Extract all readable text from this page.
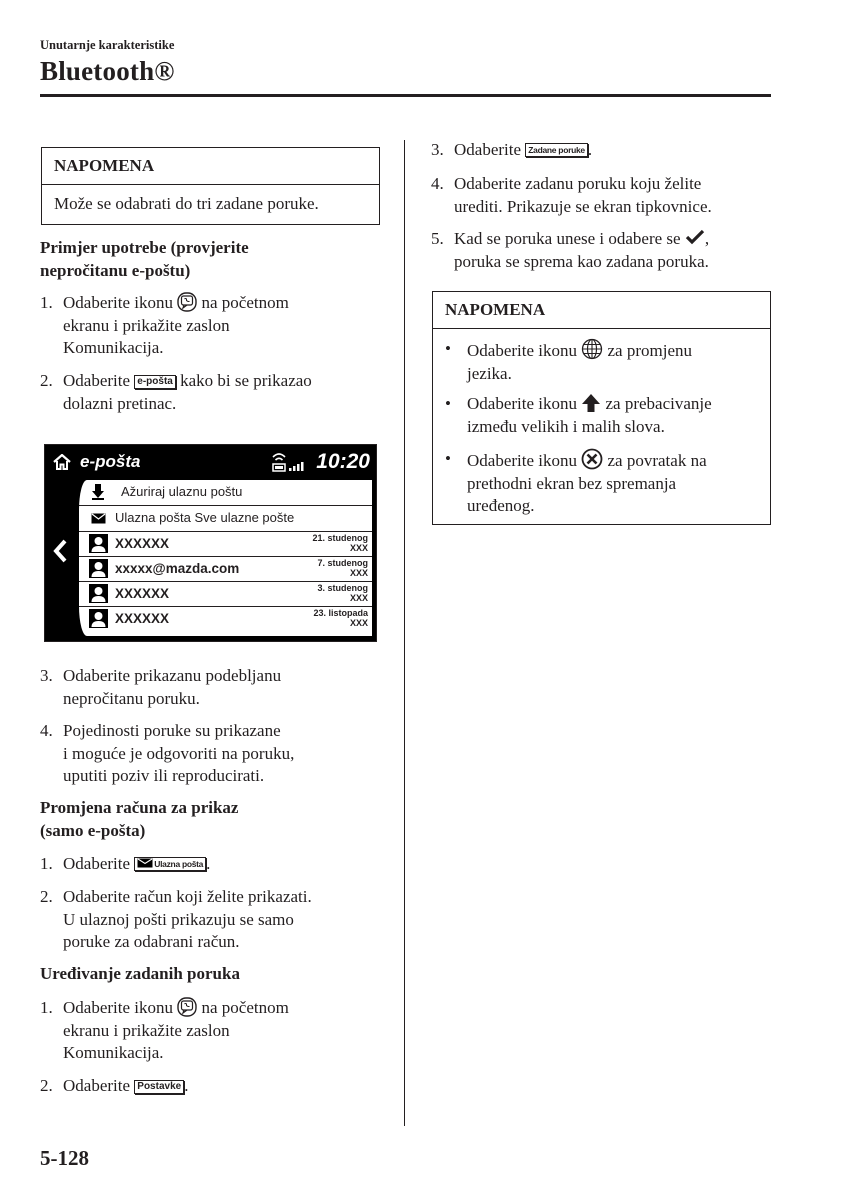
Unutarnje karakteristike
Bluetooth®
NAPOMENA
Može se odabrati do tri zadane poruke.
Primjer upotrebe (provjerite
nepročitanu e-poštu)
1. Odaberite ikonu na početnom
ekranu i prikažite zaslon
Komunikacija.
2. Odaberite e-pošta kako bi se prikazao
dolazni pretinac.
e-pošta	10:20
Ažuriraj ulaznu poštu
Ulazna pošta Sve ulazne pošte
XXXXXX	21. studenog
XXX
xxxxx@mazda.com	7. studenog
XXX
XXXXXX	3. studenog
XXX
XXXXXX	23. listopada
XXX
3. Odaberite prikazanu podebljanu
nepročitanu poruku.
4. Pojedinosti poruke su prikazane
i moguće je odgovoriti na poruku,
uputiti poziv ili reproducirati.
Promjena računa za prikaz
(samo e-pošta)
1. Odaberite	Ulazna pošta .
2. Odaberite račun koji želite prikazati.
U ulaznoj pošti prikazuju se samo
poruke za odabrani račun.
Uređivanje zadanih poruka
1. Odaberite ikonu na početnom
ekranu i prikažite zaslon
Komunikacija.
2. Odaberite Postavke .
3. Odaberite Zadane poruke .
4. Odaberite zadanu poruku koju želite
urediti. Prikazuje se ekran tipkovnice.
5. Kad se poruka unese i odabere se ,
poruka se sprema kao zadana poruka.
NAPOMENA
• Odaberite ikonu za promjenu
jezika.
• Odaberite ikonu za prebacivanje
između velikih i malih slova.
• Odaberite ikonu za povratak na
prethodni ekran bez spremanja
uređenog.
5-128
